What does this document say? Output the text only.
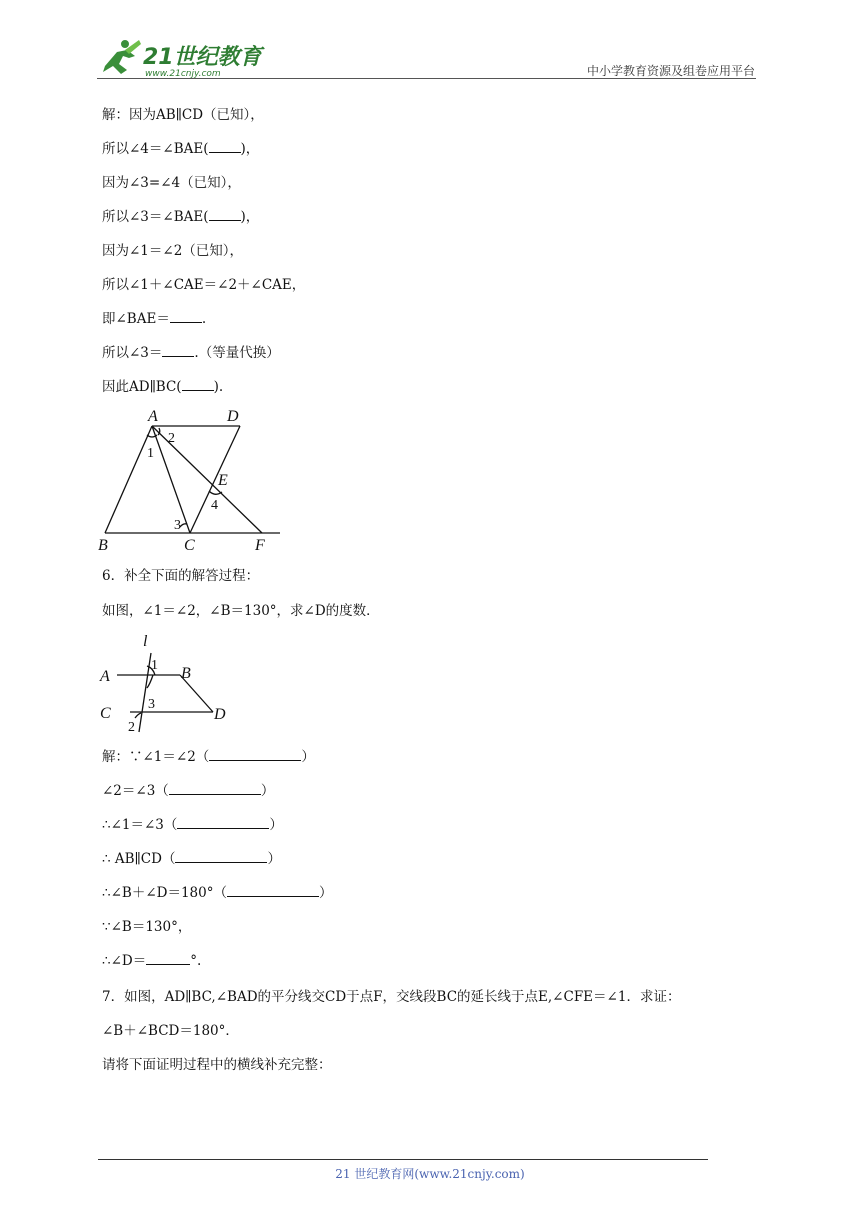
21世纪教育
www.21cnjy.com	中小学教育资源及组卷应用平台
解：因为AB∥CD（已知），
所以∠4＝∠BAE( )，
因为∠3=∠4（已知），
所以∠3＝∠BAE( )，
因为∠1＝∠2（已知），
所以∠1＋∠CAE＝∠2＋∠CAE，
即∠BAE＝ .
所以∠3＝ .（等量代换）
因此AD∥BC( ).
A	D
B	C	F
E
1
2
3
4
6．补全下面的解答过程：
如图，∠1＝∠2，∠B＝130°，求∠D的度数．
l
A	B
C	D
1
2
3
解：∵∠1＝∠2（	）
∠2＝∠3（	）
∴∠1＝∠3（	）
∴ AB∥CD（	）
∴∠B＋∠D＝180°（	）
∵∠B＝130°，
∴∠D＝	°.
7．如图，AD∥BC,∠BAD的平分线交CD于点F，交线段BC的延长线于点E,∠CFE＝∠1．求证：
∠B＋∠BCD＝180°．
请将下面证明过程中的横线补充完整：
21 世纪教育网(www.21cnjy.com)
